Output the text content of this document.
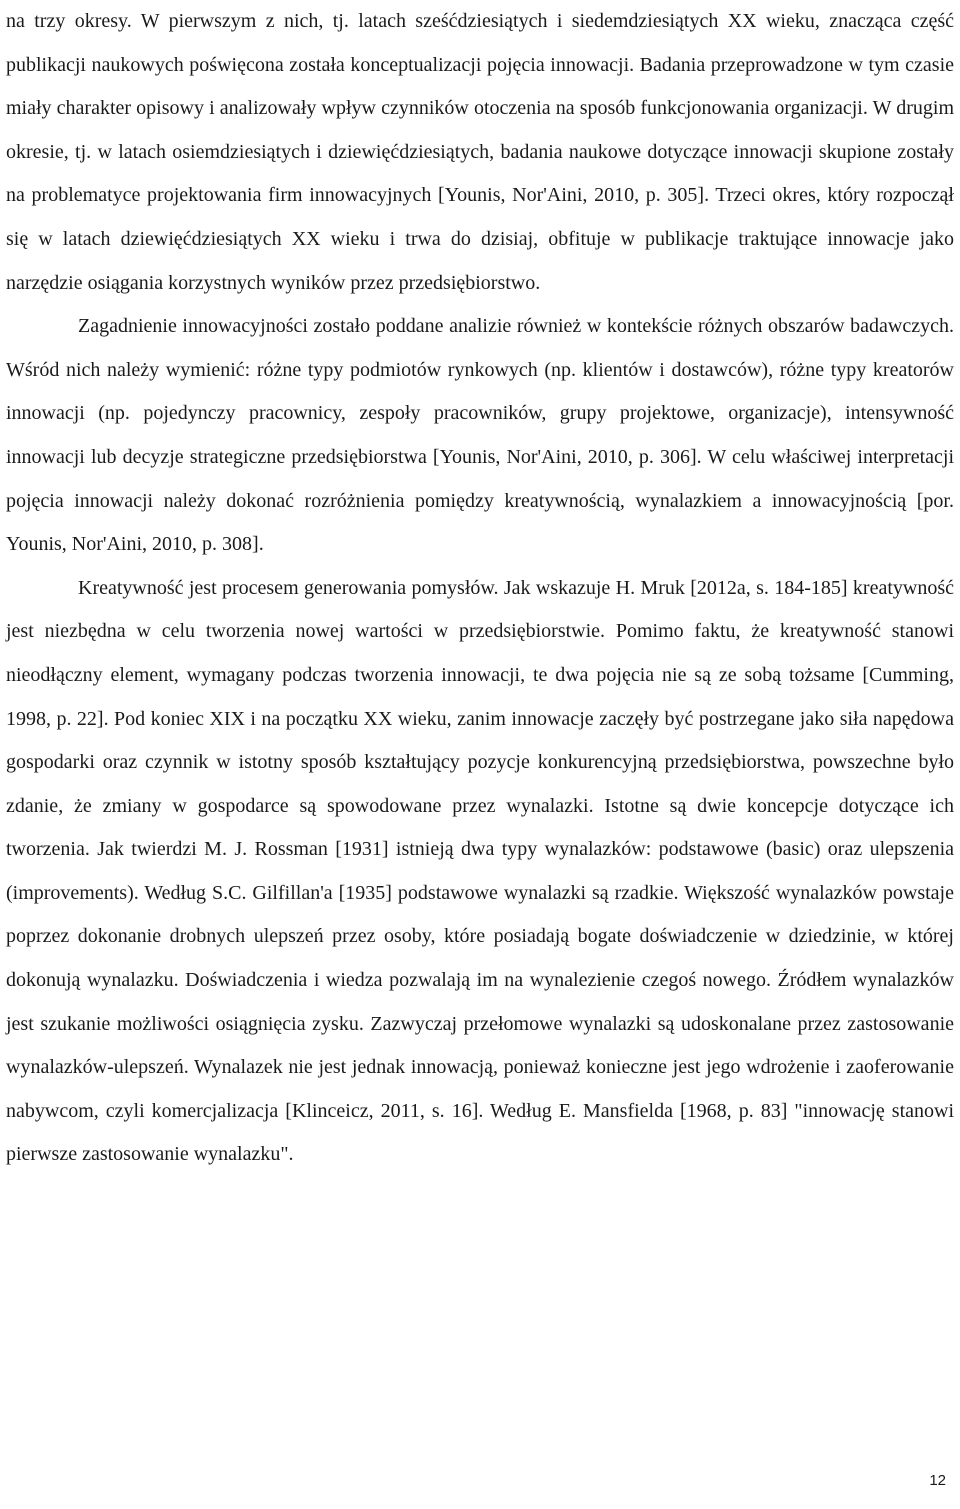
na trzy okresy. W pierwszym z nich, tj. latach sześćdziesiątych i siedemdziesiątych XX wieku, znacząca część publikacji naukowych poświęcona została konceptualizacji pojęcia innowacji. Badania przeprowadzone w tym czasie miały charakter opisowy i analizowały wpływ czynników otoczenia na sposób funkcjonowania organizacji. W drugim okresie, tj. w latach osiemdziesiątych i dziewięćdziesiątych, badania naukowe dotyczące innowacji skupione zostały na problematyce projektowania firm innowacyjnych [Younis, Nor'Aini, 2010, p. 305]. Trzeci okres, który rozpoczął się w latach dziewięćdziesiątych XX wieku i trwa do dzisiaj, obfituje w publikacje traktujące innowacje jako narzędzie osiągania korzystnych wyników przez przedsiębiorstwo.

Zagadnienie innowacyjności zostało poddane analizie również w kontekście różnych obszarów badawczych. Wśród nich należy wymienić: różne typy podmiotów rynkowych (np. klientów i dostawców), różne typy kreatorów innowacji (np. pojedynczy pracownicy, zespoły pracowników, grupy projektowe, organizacje), intensywność innowacji lub decyzje strategiczne przedsiębiorstwa [Younis, Nor'Aini, 2010, p. 306]. W celu właściwej interpretacji pojęcia innowacji należy dokonać rozróżnienia pomiędzy kreatywnością, wynalazkiem a innowacyjnością [por. Younis, Nor'Aini, 2010, p. 308].

Kreatywność jest procesem generowania pomysłów. Jak wskazuje H. Mruk [2012a, s. 184-185] kreatywność jest niezbędna w celu tworzenia nowej wartości w przedsiębiorstwie. Pomimo faktu, że kreatywność stanowi nieodłączny element, wymagany podczas tworzenia innowacji, te dwa pojęcia nie są ze sobą tożsame [Cumming, 1998, p. 22]. Pod koniec XIX i na początku XX wieku, zanim innowacje zaczęły być postrzegane jako siła napędowa gospodarki oraz czynnik w istotny sposób kształtujący pozycje konkurencyjną przedsiębiorstwa, powszechne było zdanie, że zmiany w gospodarce są spowodowane przez wynalazki. Istotne są dwie koncepcje dotyczące ich tworzenia. Jak twierdzi M. J. Rossman [1931] istnieją dwa typy wynalazków: podstawowe (basic) oraz ulepszenia (improvements). Według S.C. Gilfillan'a [1935] podstawowe wynalazki są rzadkie. Większość wynalazków powstaje poprzez dokonanie drobnych ulepszeń przez osoby, które posiadają bogate doświadczenie w dziedzinie, w której dokonują wynalazku. Doświadczenia i wiedza pozwalają im na wynalezienie czegoś nowego. Źródłem wynalazków jest szukanie możliwości osiągnięcia zysku. Zazwyczaj przełomowe wynalazki są udoskonalane przez zastosowanie wynalazków-ulepszeń. Wynalazek nie jest jednak innowacją, ponieważ konieczne jest jego wdrożenie i zaoferowanie nabywcom, czyli komercjalizacja [Klinceicz, 2011, s. 16]. Według E. Mansfielda [1968, p. 83] "innowację stanowi pierwsze zastosowanie wynalazku".

12
